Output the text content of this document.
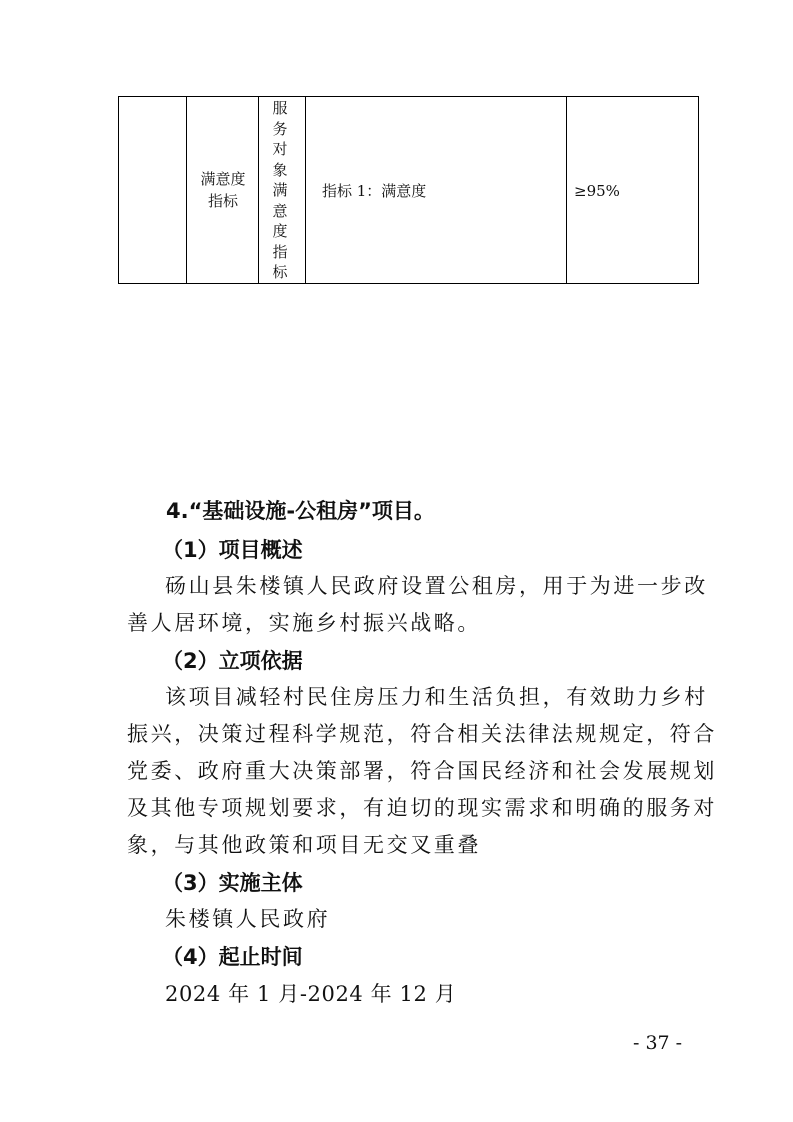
满意度
指标
服
务
对
象
满
意
度
指
标
指标 1：满意度	≥95%
4.“基础设施-公租房”项目。
（1）项目概述
砀山县朱楼镇人民政府设置公租房，用于为进一步改
善人居环境，实施乡村振兴战略。
（2）立项依据
该项目减轻村民住房压力和生活负担，有效助力乡村
振兴，决策过程科学规范，符合相关法律法规规定，符合
党委、政府重大决策部署，符合国民经济和社会发展规划
及其他专项规划要求，有迫切的现实需求和明确的服务对
象，与其他政策和项目无交叉重叠
（3）实施主体
朱楼镇人民政府
（4）起止时间
2024 年 1 月-2024 年 12 月
- 37 -
